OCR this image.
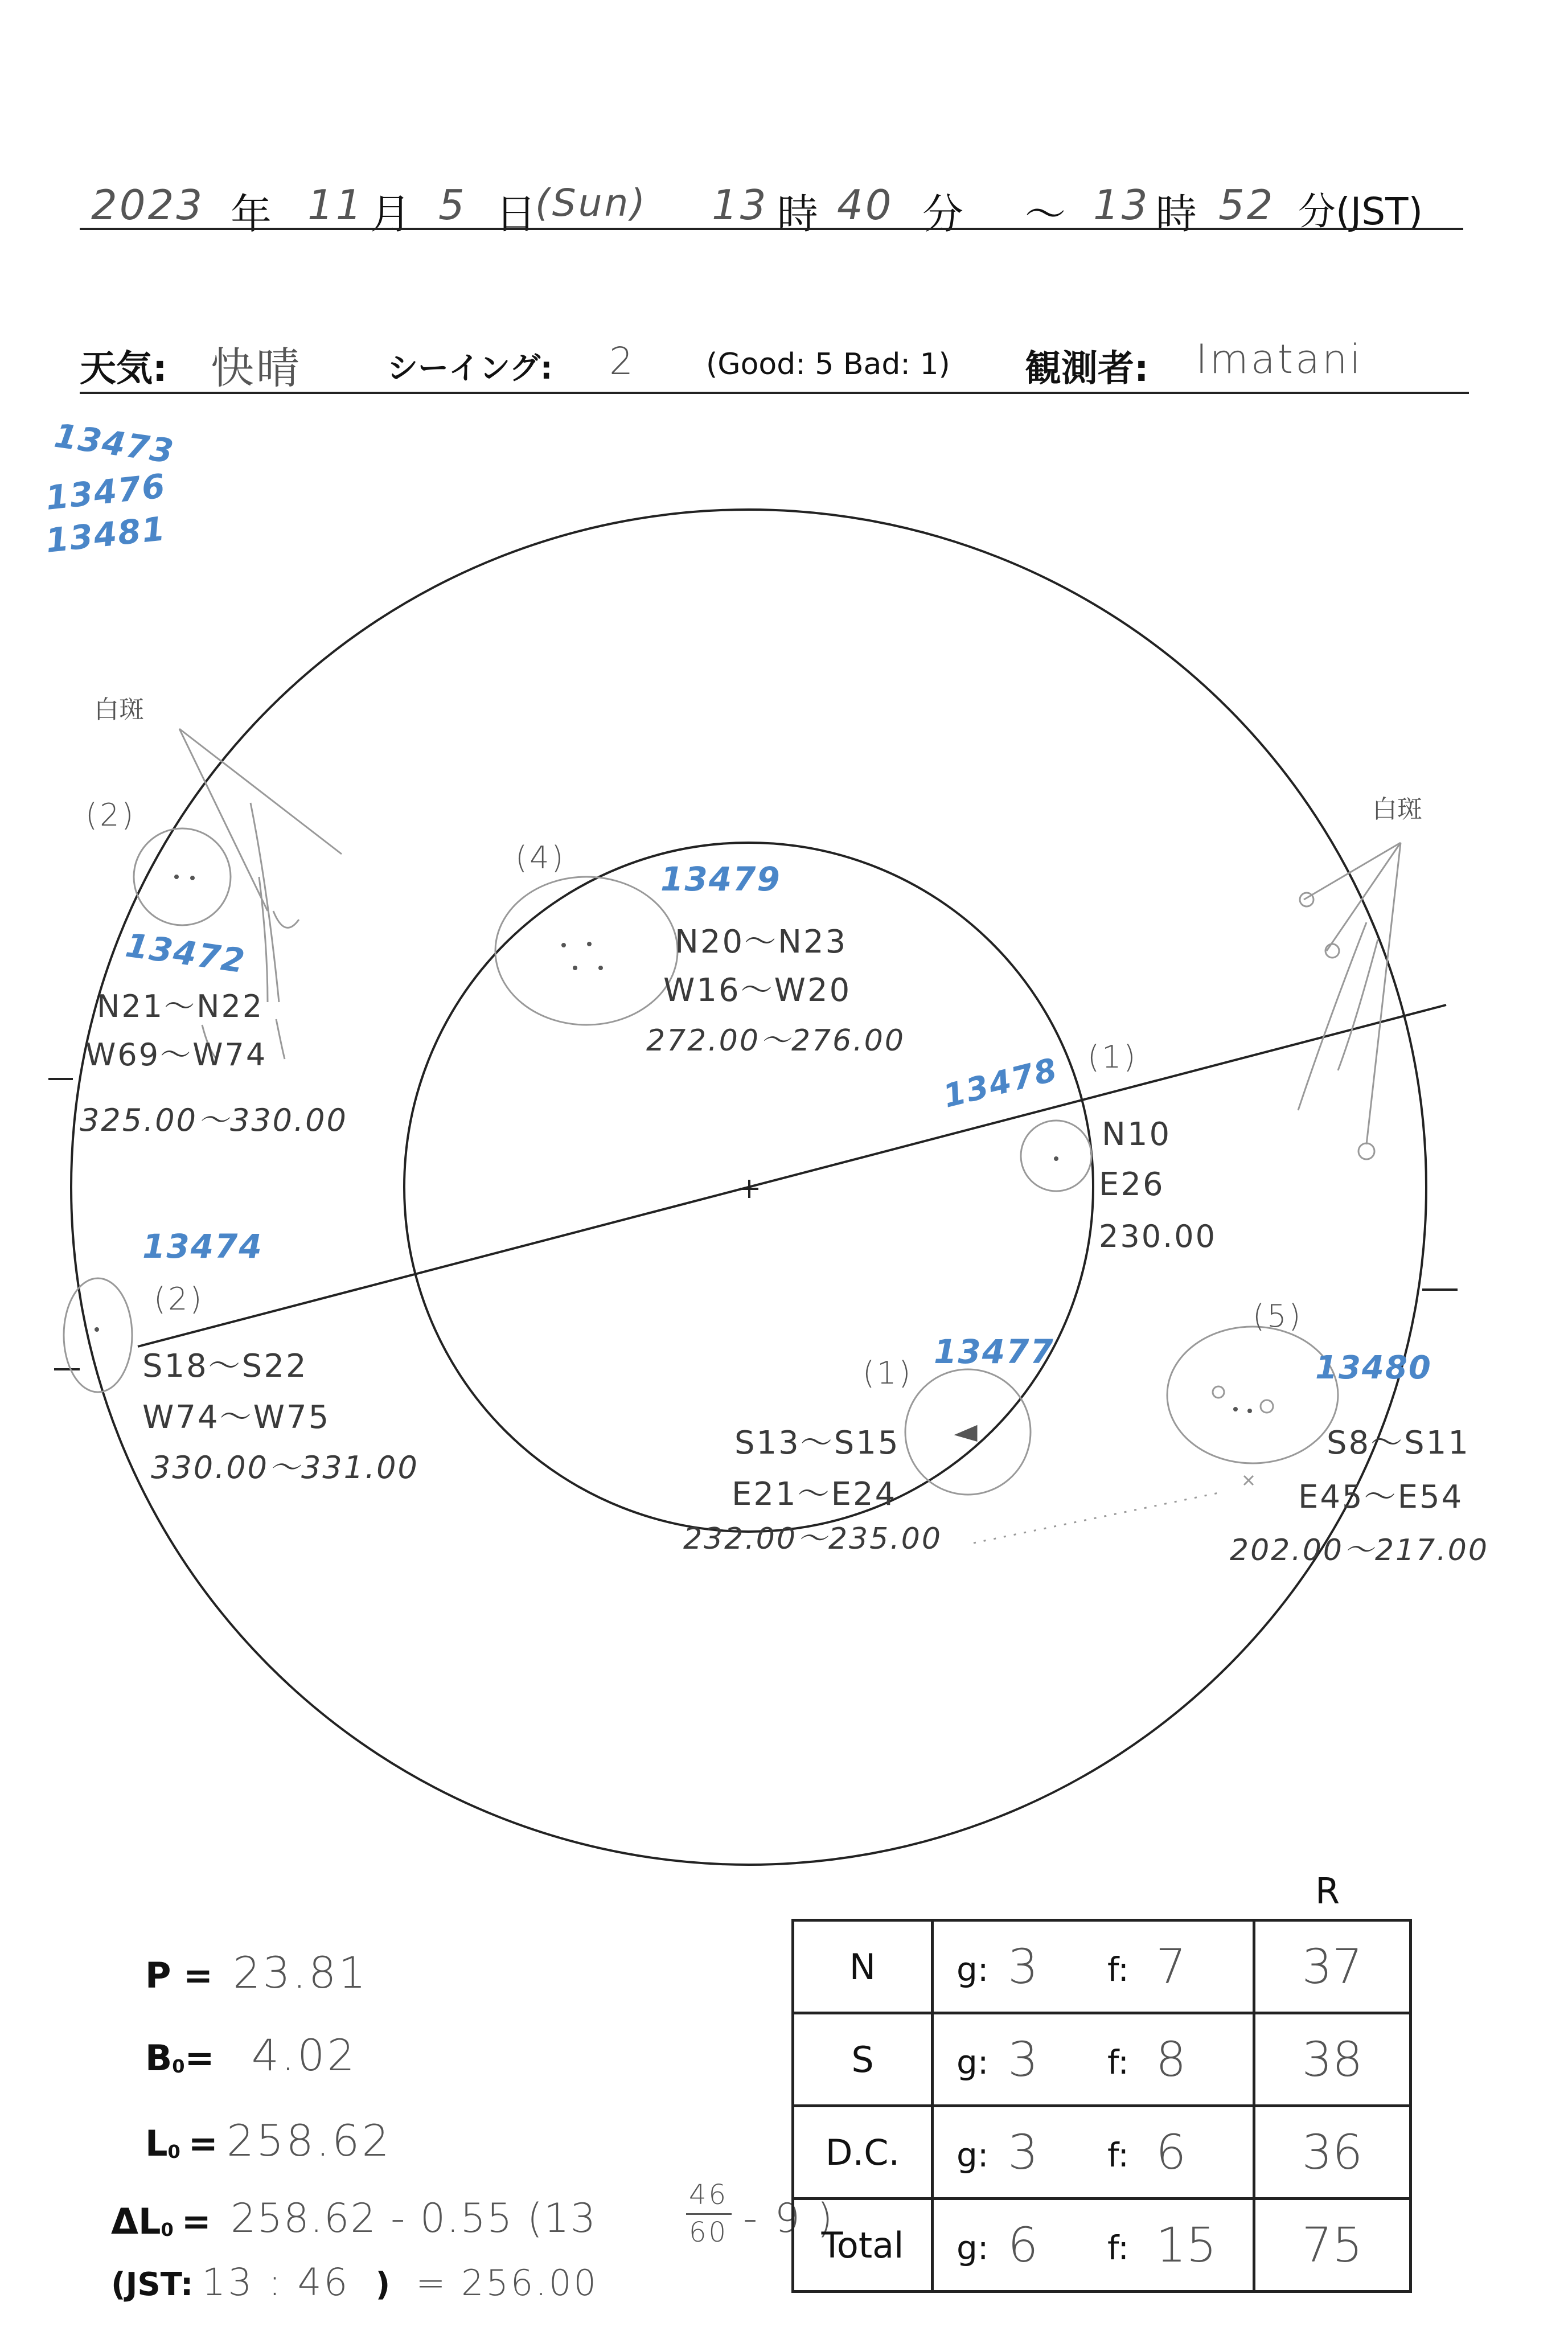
2023 年 11 月 5 日
(Sun) 13 時 40 分 ～ 13 時 52 分(JST)
天気: 快晴	シーイング: 2 (Good: 5 Bad: 1) 観測者: Imatani
13473
13476
13481
白斑
白斑
(2)
13472
N21～N22
W69～W74
325.00～330.00
(4)
13479
N20～N23
W16～W20
272.00～276.00
13478 (1)
N10
E26
230.00
13474
(2)
S18～S22
W74～W75
330.00～331.00
(1)
13477
S13～S15
E21～E24
232.00～235.00
(5)
13480
S8～S11
E45～E54
202.00～217.00
P = 23.81
$B_0= 4.02$
$L_0 = 258.62$
$\Delta L_0 = 258.62 - 0.55$ (13	46
60 - 9 )
(JST: 13 : 46 ) = 256.00
R
N	g: 3 f: 7	37
S	g: 3 f: 8	38
D.C.	g: 3 f: 6	36
Total	g: 6 f: 15	75
